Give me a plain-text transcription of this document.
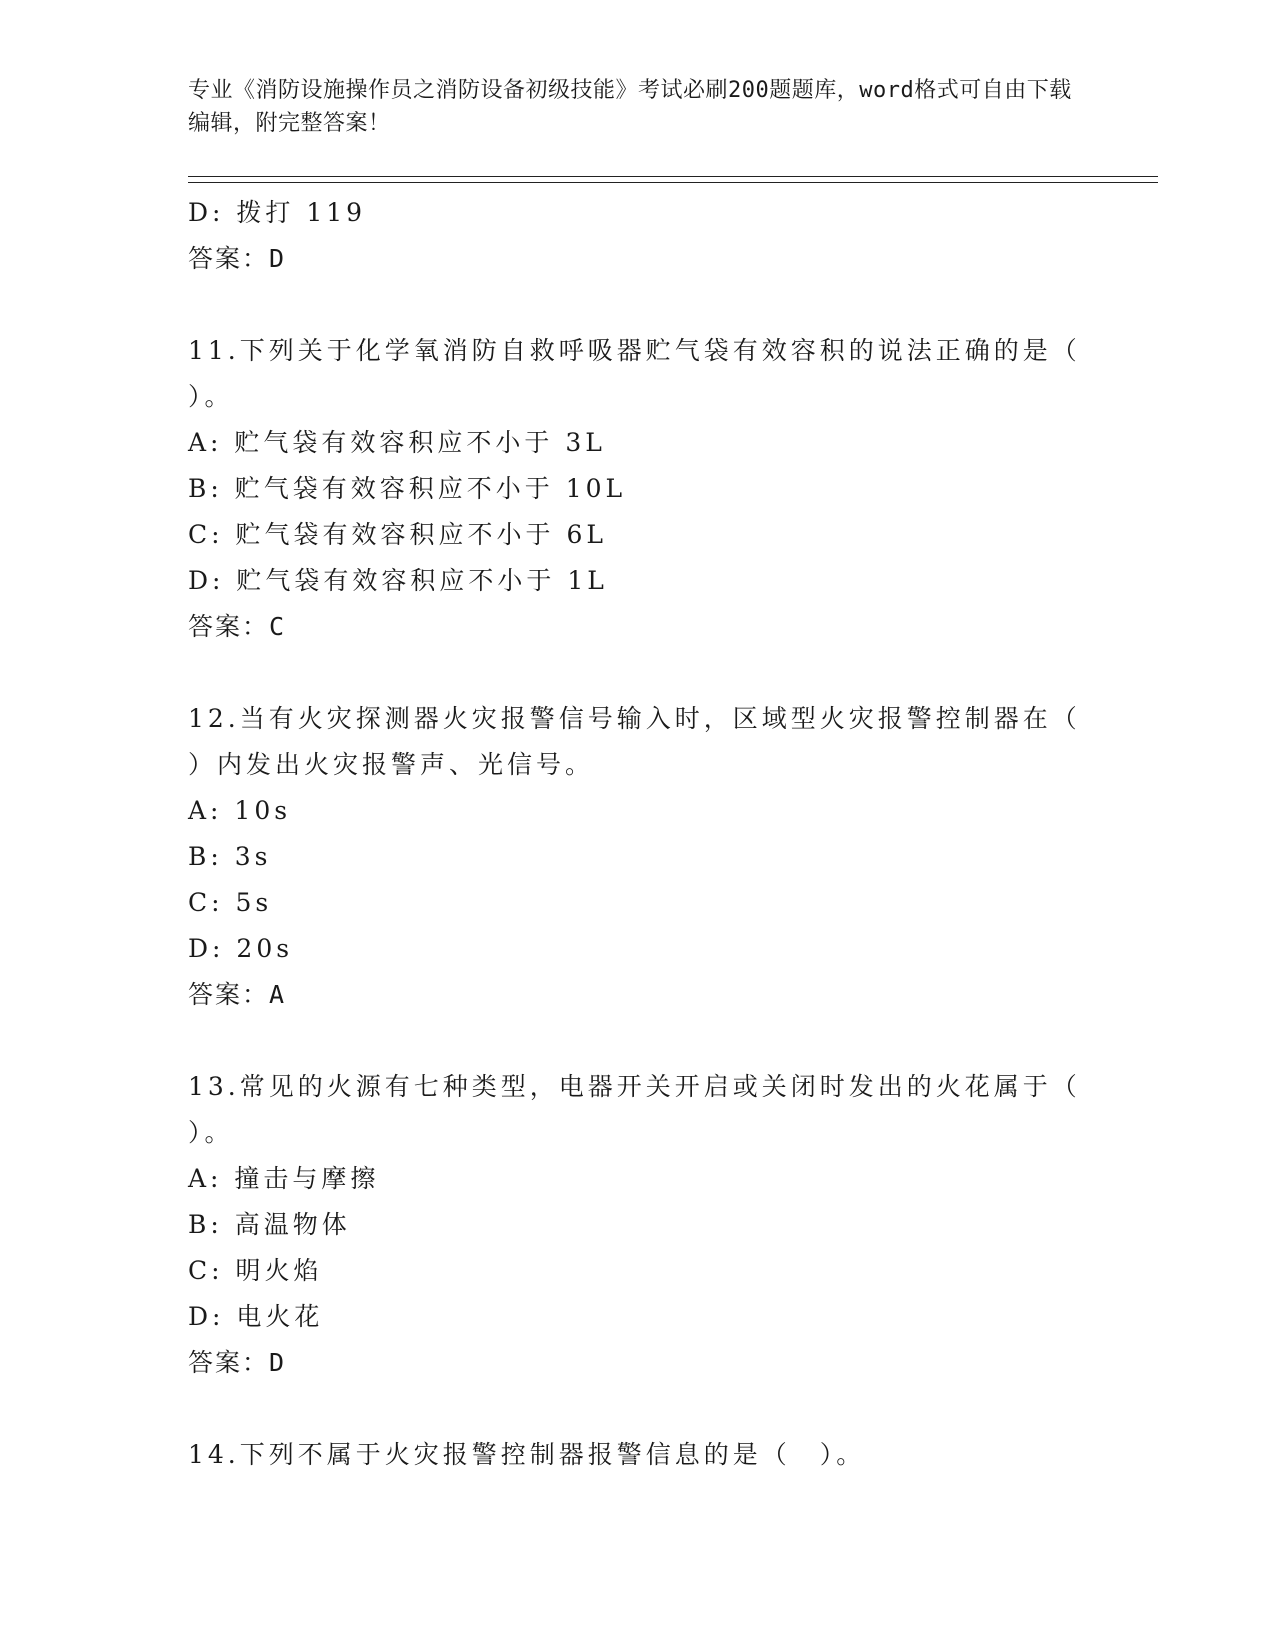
专业《消防设施操作员之消防设备初级技能》考试必刷200题题库，word格式可自由下载编辑，附完整答案！
D: 拨打 119
答案：D
11.下列关于化学氧消防自救呼吸器贮气袋有效容积的说法正确的是（
）。
A: 贮气袋有效容积应不小于 3L
B: 贮气袋有效容积应不小于 10L
C: 贮气袋有效容积应不小于 6L
D: 贮气袋有效容积应不小于 1L
答案：C
12.当有火灾探测器火灾报警信号输入时，区域型火灾报警控制器在（
）内发出火灾报警声、光信号。
A: 10s
B: 3s
C: 5s
D: 20s
答案：A
13.常见的火源有七种类型，电器开关开启或关闭时发出的火花属于（
）。
A: 撞击与摩擦
B: 高温物体
C: 明火焰
D: 电火花
答案：D
14.下列不属于火灾报警控制器报警信息的是（　）。
